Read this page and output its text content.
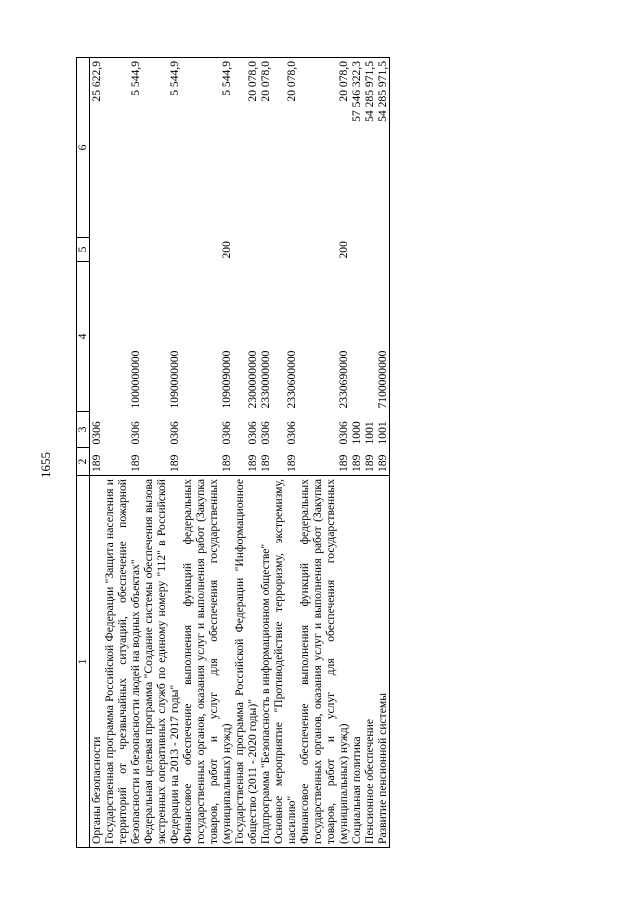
1655
1	2	3	4	5	6
Органы безопасности	189	0306			25 622,9
Государственная программа Российской Федерации "Защита населения и территорий от чрезвычайных ситуаций, обеспечение пожарной безопасности и безопасности людей на водных объектах"	189	0306	1000000000		5 544,9
Федеральная целевая программа "Создание системы обеспечения вызова экстренных оперативных служб по единому номеру "112" в Российской Федерации на 2013 - 2017 годы"	189	0306	1090000000		5 544,9
Финансовое обеспечение выполнения функций федеральных государственных органов, оказания услуг и выполнения работ (Закупка товаров, работ и услуг для обеспечения государственных (муниципальных) нужд)	189	0306	1090090000	200	5 544,9
Государственная программа Российской Федерации "Информационное общество (2011 - 2020 годы)"	189	0306	2300000000		20 078,0
Подпрограмма "Безопасность в информационном обществе"	189	0306	2330000000		20 078,0
Основное мероприятие "Противодействие терроризму, экстремизму, насилию"	189	0306	2330600000		20 078,0
Финансовое обеспечение выполнения функций федеральных государственных органов, оказания услуг и выполнения работ (Закупка товаров, работ и услуг для обеспечения государственных (муниципальных) нужд)	189	0306	2330690000	200	20 078,0
Социальная политика	189	1000			57 546 322,3
Пенсионное обеспечение	189	1001			54 285 971,5
Развитие пенсионной системы	189	1001	7100000000		54 285 971,5
